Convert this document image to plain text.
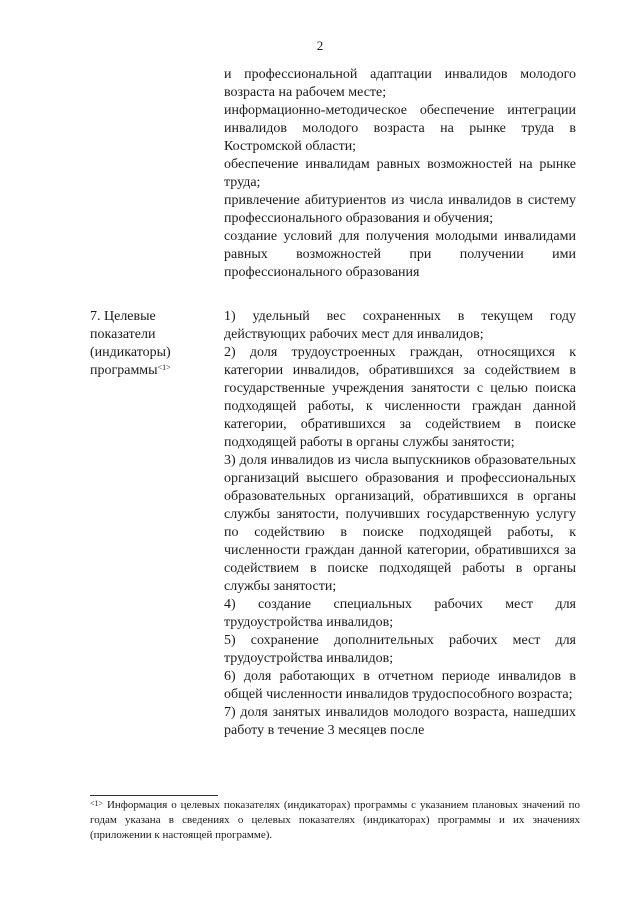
2
и профессиональной адаптации инвалидов молодого возраста на рабочем месте;
информационно-методическое обеспечение интеграции инвалидов молодого возраста на рынке труда в Костромской области;
обеспечение инвалидам равных возможностей на рынке труда;
привлечение абитуриентов из числа инвалидов в систему профессионального образования и обучения;
создание условий для получения молодыми инвалидами равных возможностей при получении ими профессионального образования
7. Целевые показатели (индикаторы) программы$^{<1>}$
1) удельный вес сохраненных в текущем году действующих рабочих мест для инвалидов;
2) доля трудоустроенных граждан, относящихся к категории инвалидов, обратившихся за содействием в государственные учреждения занятости с целью поиска подходящей работы, к численности граждан данной категории, обратившихся за содействием в поиске подходящей работы в органы службы занятости;
3) доля инвалидов из числа выпускников образовательных организаций высшего образования и профессиональных образовательных организаций, обратившихся в органы службы занятости, получивших государственную услугу по содействию в поиске подходящей работы, к численности граждан данной категории, обратившихся за содействием в поиске подходящей работы в органы службы занятости;
4) создание специальных рабочих мест для трудоустройства инвалидов;
5) сохранение дополнительных рабочих мест для трудоустройства инвалидов;
6) доля работающих в отчетном периоде инвалидов в общей численности инвалидов трудоспособного возраста;
7) доля занятых инвалидов молодого возраста, нашедших работу в течение 3 месяцев после
$^{<1>}$ Информация о целевых показателях (индикаторах) программы с указанием плановых значений по годам указана в сведениях о целевых показателях (индикаторах) программы и их значениях (приложении к настоящей программе).
